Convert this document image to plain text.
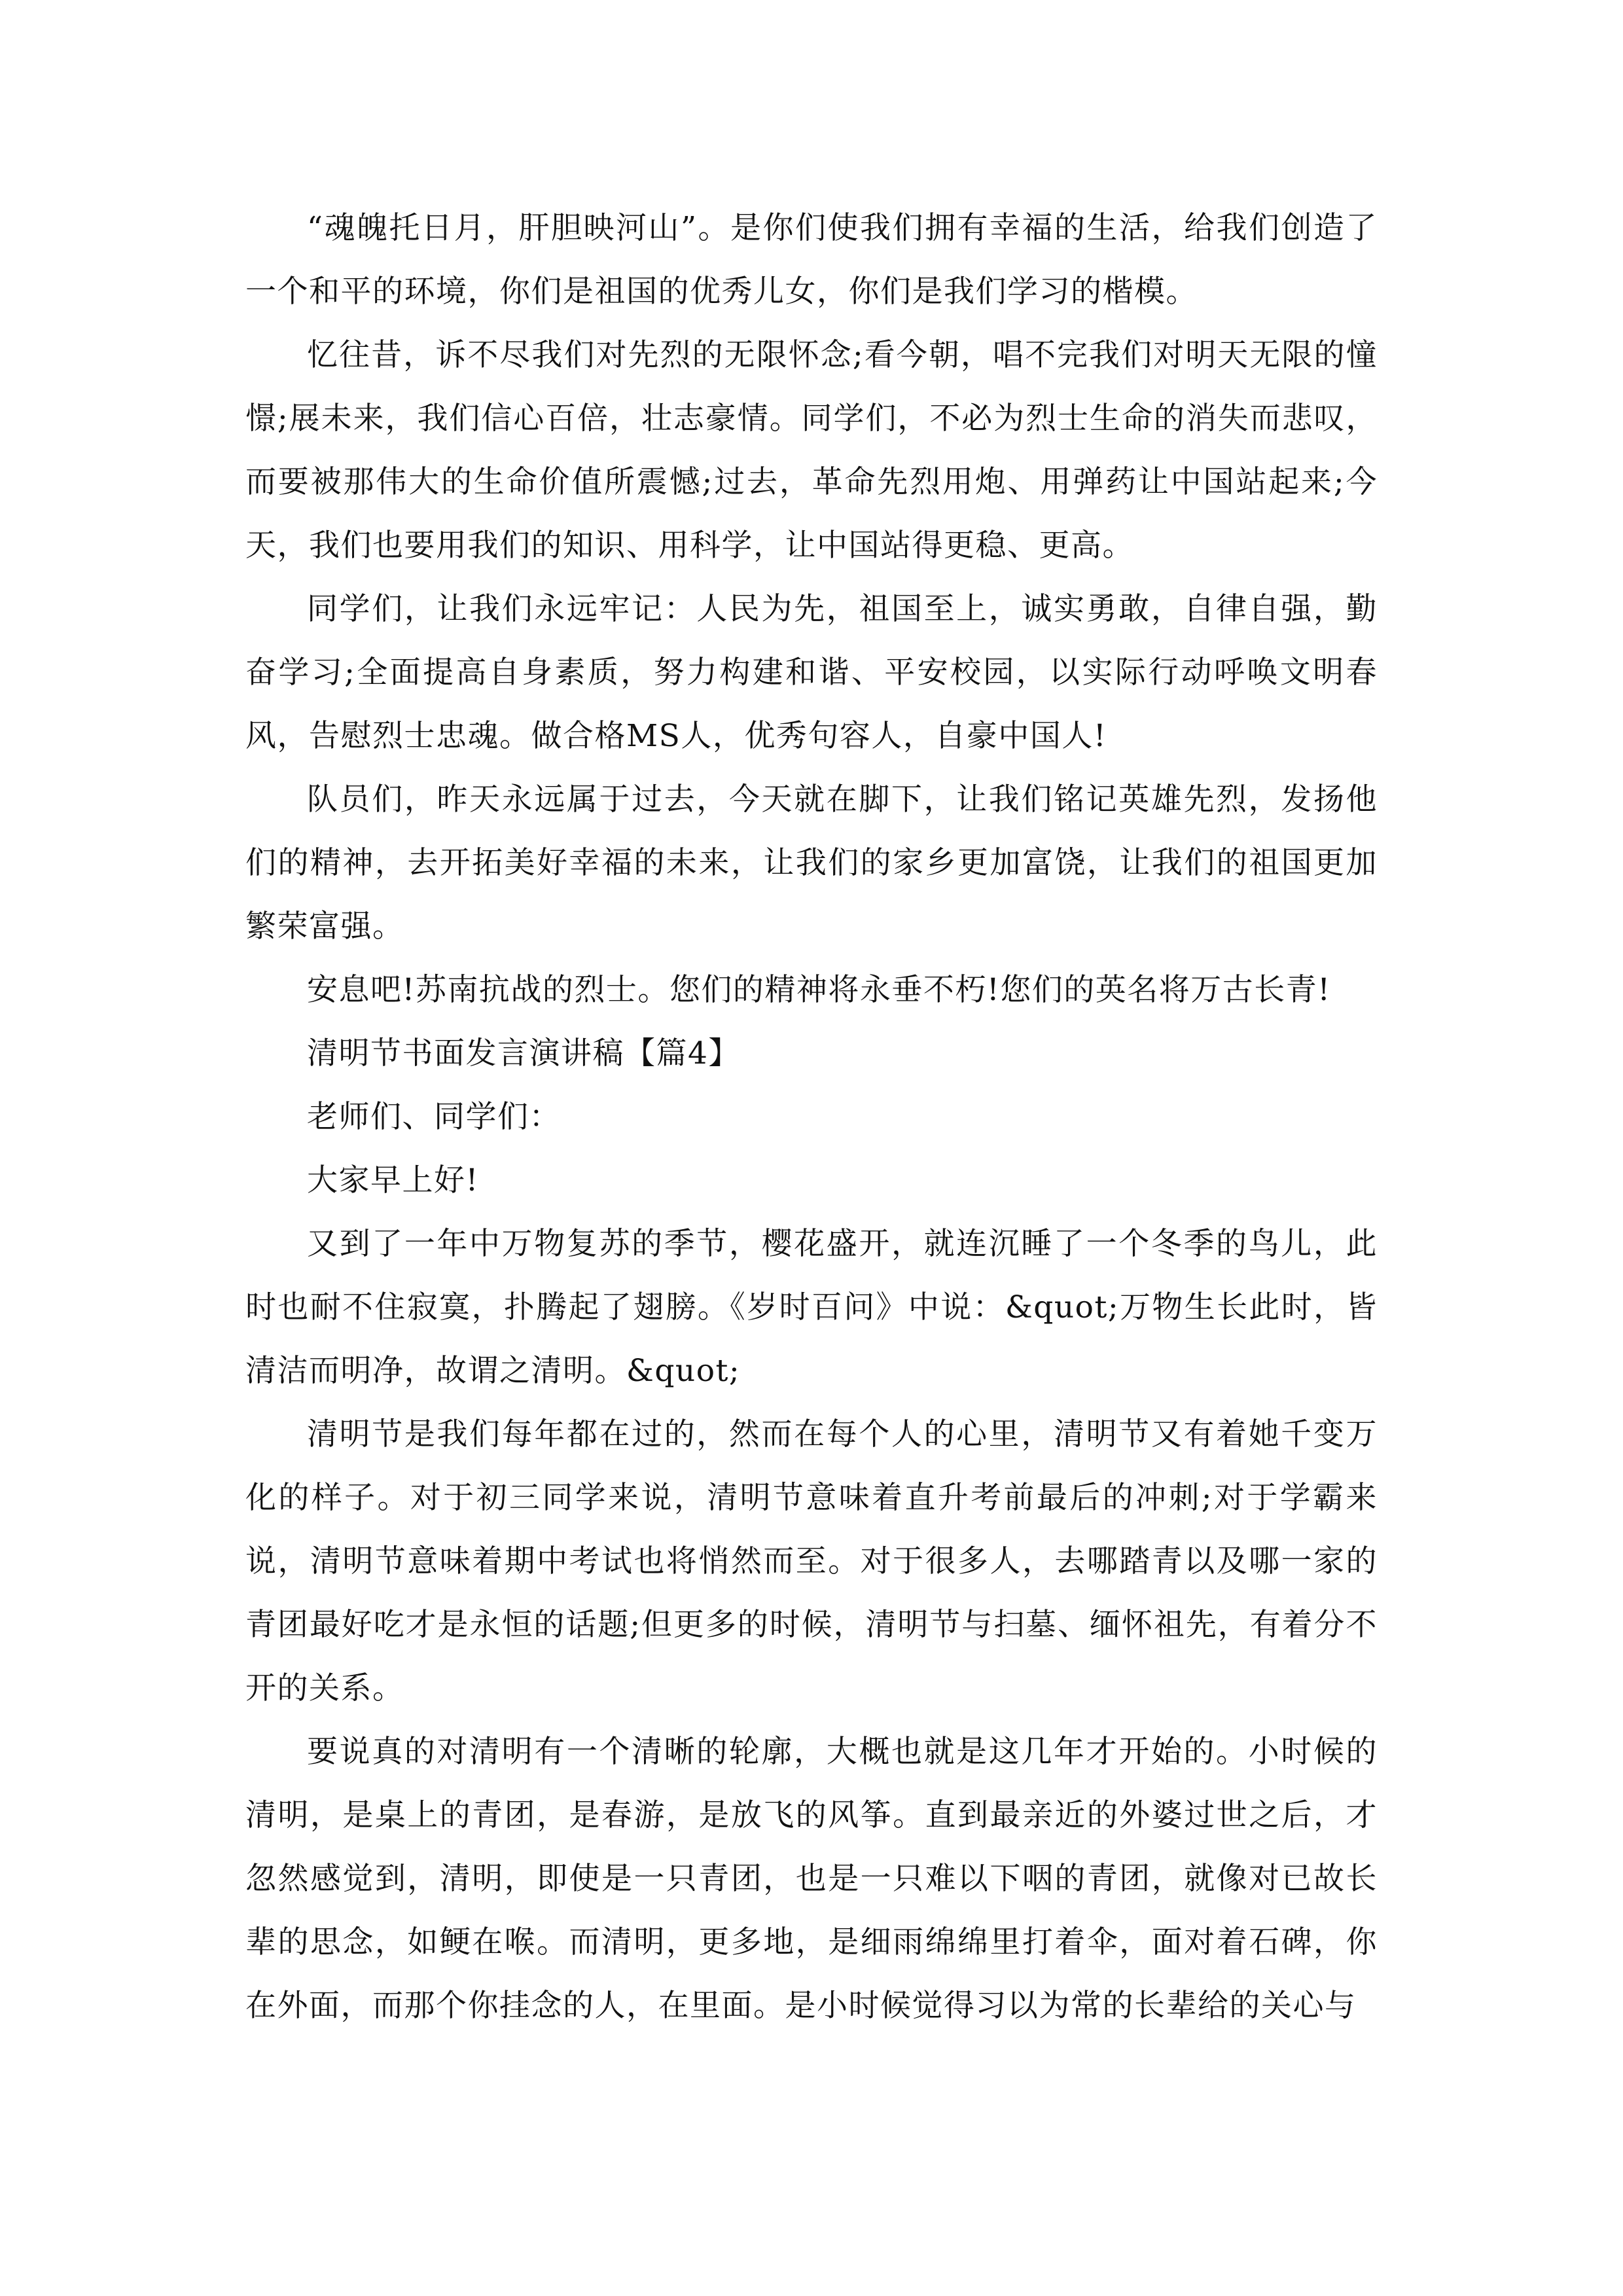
“魂魄托日月，肝胆映河山”。是你们使我们拥有幸福的生活，给我们创造了一个和平的环境，你们是祖国的优秀儿女，你们是我们学习的楷模。

忆往昔，诉不尽我们对先烈的无限怀念;看今朝，唱不完我们对明天无限的憧憬;展未来，我们信心百倍，壮志豪情。同学们，不必为烈士生命的消失而悲叹，而要被那伟大的生命价值所震憾;过去，革命先烈用炮、用弹药让中国站起来;今天，我们也要用我们的知识、用科学，让中国站得更稳、更高。

同学们，让我们永远牢记：人民为先，祖国至上，诚实勇敢，自律自强，勤奋学习;全面提高自身素质，努力构建和谐、平安校园，以实际行动呼唤文明春风，告慰烈士忠魂。做合格MS人，优秀句容人，自豪中国人!

队员们，昨天永远属于过去，今天就在脚下，让我们铭记英雄先烈，发扬他们的精神，去开拓美好幸福的未来，让我们的家乡更加富饶，让我们的祖国更加繁荣富强。

安息吧!苏南抗战的烈士。您们的精神将永垂不朽!您们的英名将万古长青!

清明节书面发言演讲稿【篇4】

老师们、同学们：

大家早上好!

又到了一年中万物复苏的季节，樱花盛开，就连沉睡了一个冬季的鸟儿，此时也耐不住寂寞，扑腾起了翅膀。《岁时百问》中说：&quot;万物生长此时，皆清洁而明净，故谓之清明。&quot;

清明节是我们每年都在过的，然而在每个人的心里，清明节又有着她千变万化的样子。对于初三同学来说，清明节意味着直升考前最后的冲刺;对于学霸来说，清明节意味着期中考试也将悄然而至。对于很多人，去哪踏青以及哪一家的青团最好吃才是永恒的话题;但更多的时候，清明节与扫墓、缅怀祖先，有着分不开的关系。

要说真的对清明有一个清晰的轮廓，大概也就是这几年才开始的。小时候的清明，是桌上的青团，是春游，是放飞的风筝。直到最亲近的外婆过世之后，才忽然感觉到，清明，即使是一只青团，也是一只难以下咽的青团，就像对已故长辈的思念，如鲠在喉。而清明，更多地，是细雨绵绵里打着伞，面对着石碑，你在外面，而那个你挂念的人，在里面。是小时候觉得习以为常的长辈给的关心与
